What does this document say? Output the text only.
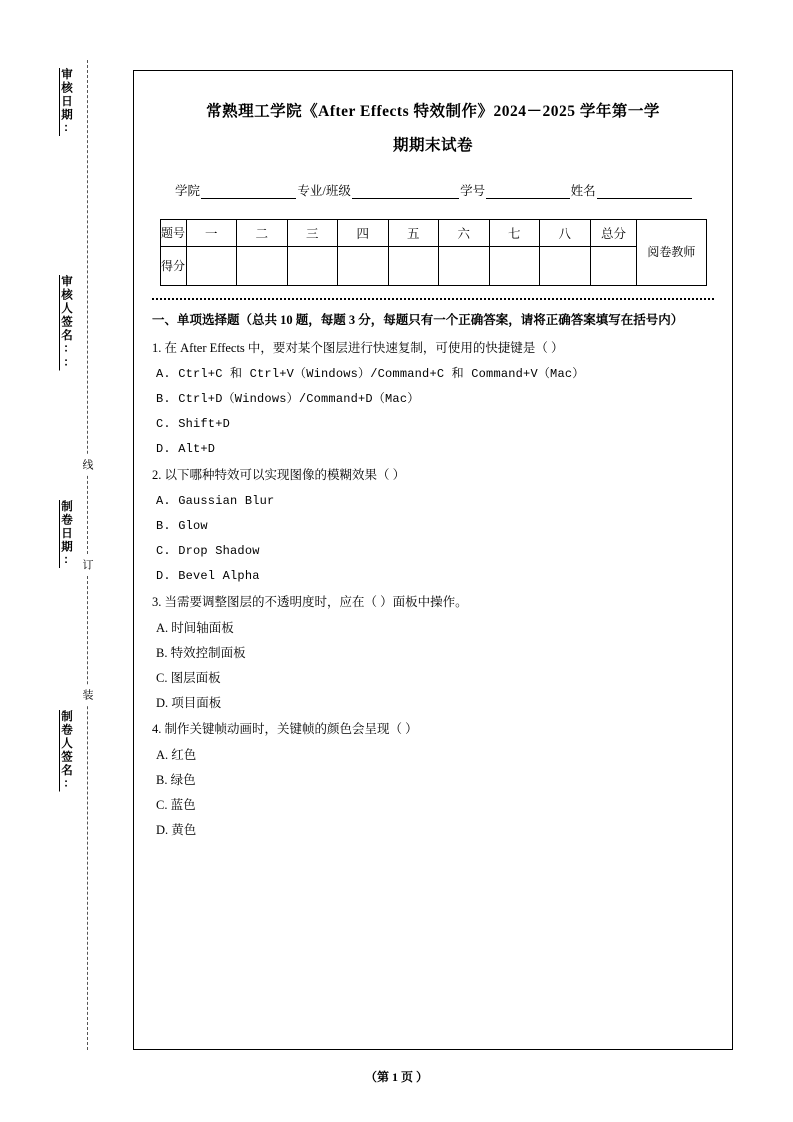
审核日期:
审核人签名::
制卷日期:
制卷人签名:
线
订
装
常熟理工学院《After Effects 特效制作》2024－2025 学年第一学
期期末试卷
学院	专业/班级	学号	姓名
题号	一	二	三	四	五	六	七	八	总分	阅卷教师
得分										
一、单项选择题（总共 10 题，每题 3 分，每题只有一个正确答案，请将正确答案填写在括号内）
1. 在 After Effects 中，要对某个图层进行快速复制，可使用的快捷键是（ ）
A. Ctrl+C 和 Ctrl+V（Windows）/Command+C 和 Command+V（Mac）
B. Ctrl+D（Windows）/Command+D（Mac）
C. Shift+D
D. Alt+D
2. 以下哪种特效可以实现图像的模糊效果（ ）
A. Gaussian Blur
B. Glow
C. Drop Shadow
D. Bevel Alpha
3. 当需要调整图层的不透明度时，应在（ ）面板中操作。
A. 时间轴面板
B. 特效控制面板
C. 图层面板
D. 项目面板
4. 制作关键帧动画时，关键帧的颜色会呈现（ ）
A. 红色
B. 绿色
C. 蓝色
D. 黄色
（第 1 页 ）
